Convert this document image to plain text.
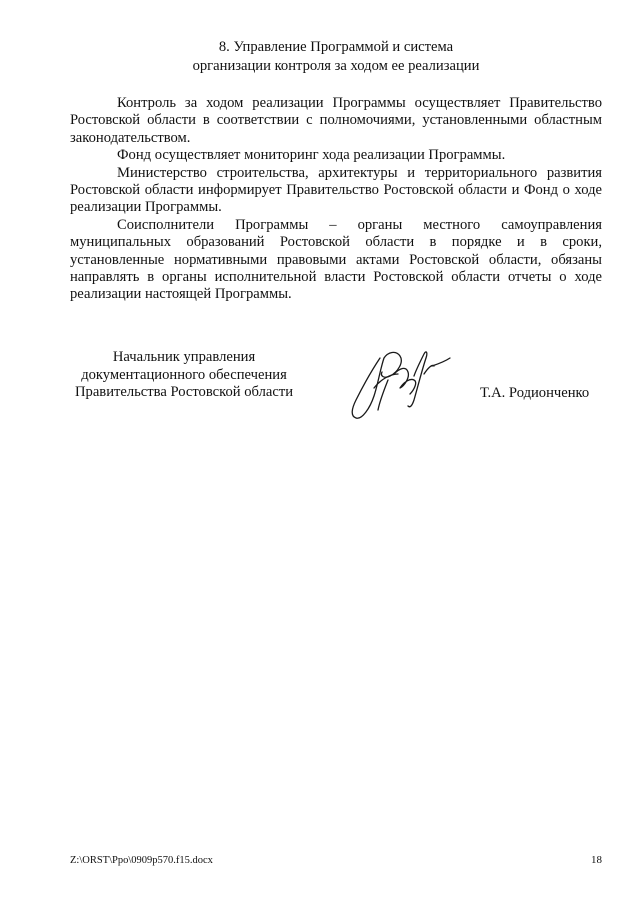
8. Управление Программой и система
организации контроля за ходом ее реализации

Контроль за ходом реализации Программы осуществляет Правительство Ростовской области в соответствии с полномочиями, установленными областным законодательством.

Фонд осуществляет мониторинг хода реализации Программы.

Министерство строительства, архитектуры и территориального развития Ростовской области информирует Правительство Ростовской области и Фонд о ходе реализации Программы.

Соисполнители Программы – органы местного самоуправления муниципальных образований Ростовской области в порядке и в сроки, установленные нормативными правовыми актами Ростовской области, обязаны направлять в органы исполнительной власти Ростовской области отчеты о ходе реализации настоящей Программы.

Начальник управления
документационного обеспечения
Правительства Ростовской области	Т.А. Родионченко
Z:\ORST\Ppo\0909p570.f15.docx	18
